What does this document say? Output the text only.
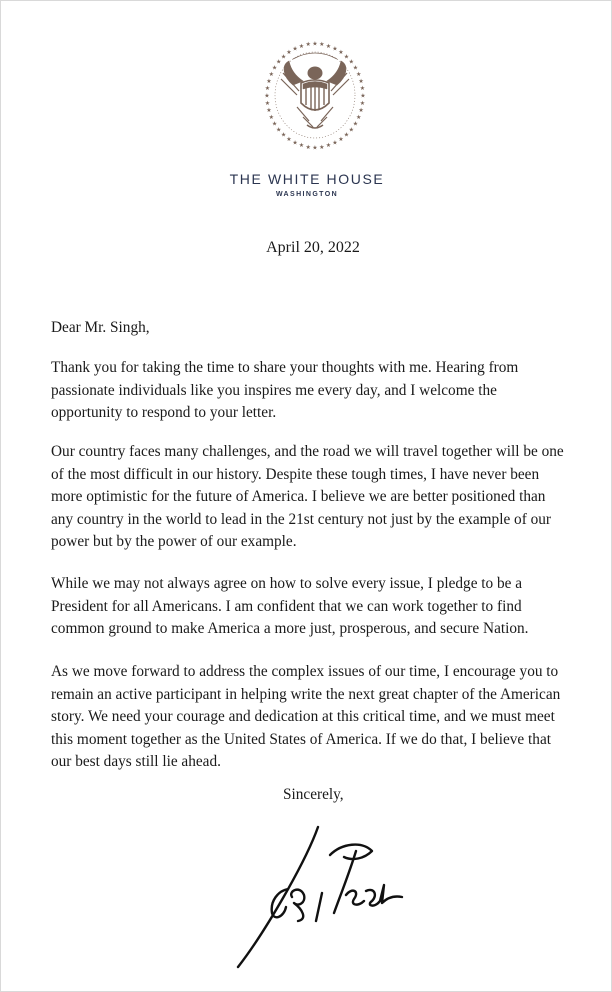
★
★
★
★
★
★
★
★
★
★
★
★
★
★
★
★
★
★
★
★
★
★
★
★
★
★
★
★
★
★
★ ★ ★ ★ ★ ★ ★
★
★
★
★
★
★
★
THE WHITE HOUSE
WASHINGTON
April 20, 2022
Dear Mr. Singh,

Thank you for taking the time to share your thoughts with me. Hearing from passionate individuals like you inspires me every day, and I welcome the opportunity to respond to your letter.

Our country faces many challenges, and the road we will travel together will be one of the most difficult in our history. Despite these tough times, I have never been more optimistic for the future of America. I believe we are better positioned than any country in the world to lead in the 21st century not just by the example of our power but by the power of our example.

While we may not always agree on how to solve every issue, I pledge to be a President for all Americans. I am confident that we can work together to find common ground to make America a more just, prosperous, and secure Nation.

As we move forward to address the complex issues of our time, I encourage you to remain an active participant in helping write the next great chapter of the American story. We need your courage and dedication at this critical time, and we must meet this moment together as the United States of America. If we do that, I believe that our best days still lie ahead.

Sincerely,
